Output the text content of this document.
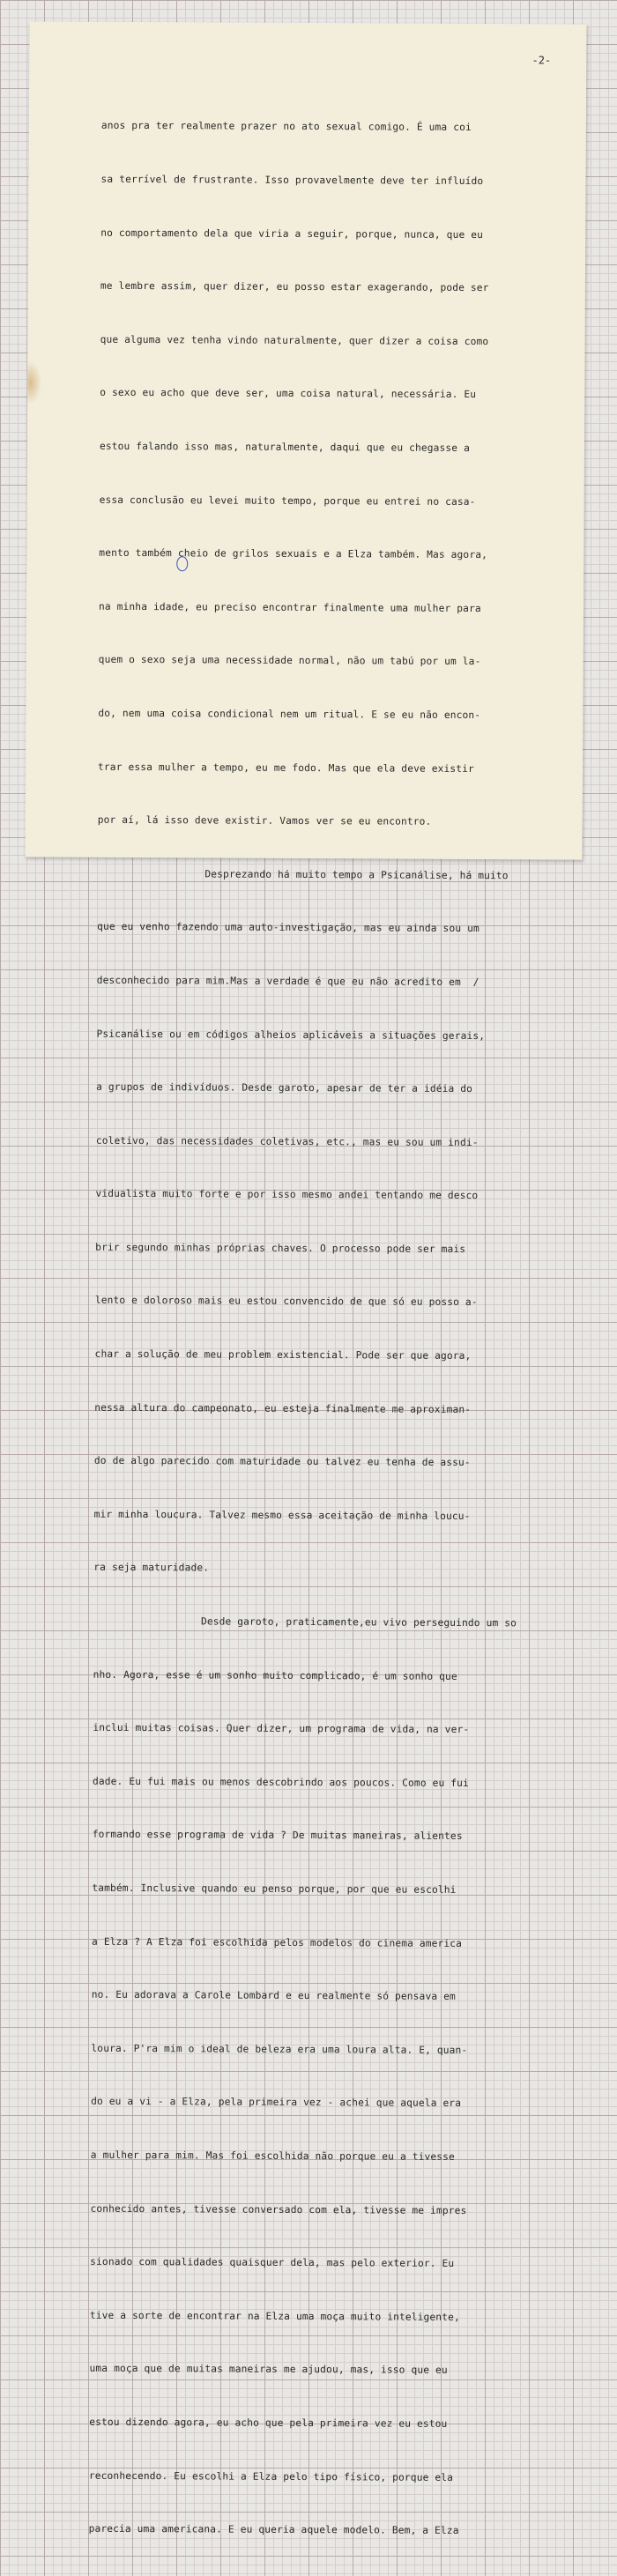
-2-

anos pra ter realmente prazer no ato sexual comigo. É uma coi

sa terrível de frustrante. Isso provavelmente deve ter influído

no comportamento dela que viria a seguir, porque, nunca, que eu

me lembre assim, quer dizer, eu posso estar exagerando, pode ser

que alguma vez tenha vindo naturalmente, quer dizer a coisa como

o sexo eu acho que deve ser, uma coisa natural, necessária. Eu

estou falando isso mas, naturalmente, daqui que eu chegasse a

essa conclusão eu levei muito tempo, porque eu entrei no casa-

mento também cheio de grilos sexuais e a Elza também. Mas agora,

na minha idade, eu preciso encontrar finalmente uma mulher para

quem o sexo seja uma necessidade normal, não um tabú por um la-

do, nem uma coisa condicional nem um ritual. E se eu não encon-

trar essa mulher a tempo, eu me fodo. Mas que ela deve existir

por aí, lá isso deve existir. Vamos ver se eu encontro.

Desprezando há muito tempo a Psicanálise, há muito

que eu venho fazendo uma auto-investigação, mas eu ainda sou um

desconhecido para mim.Mas a verdade é que eu não acredito em  /

Psicanálise ou em códigos alheios aplicáveis a situações gerais,

a grupos de indivíduos. Desde garoto, apesar de ter a idéia do

coletivo, das necessidades coletivas, etc., mas eu sou um indi-

vidualista muito forte e por isso mesmo andei tentando me desco

brir segundo minhas próprias chaves. O processo pode ser mais

lento e doloroso mais eu estou convencido de que só eu posso a-

char a solução de meu problem existencial. Pode ser que agora,

nessa altura do campeonato, eu esteja finalmente me aproximan-

do de algo parecido com maturidade ou talvez eu tenha de assu-

mir minha loucura. Talvez mesmo essa aceitação de minha loucu-

ra seja maturidade.

Desde garoto, praticamente,eu vivo perseguindo um so

nho. Agora, esse é um sonho muito complicado, é um sonho que

inclui muitas coisas. Quer dizer, um programa de vida, na ver-

dade. Eu fui mais ou menos descobrindo aos poucos. Como eu fui

formando esse programa de vida ? De muitas maneiras, alientes

também. Inclusive quando eu penso porque, por que eu escolhi

a Elza ? A Elza foi escolhida pelos modelos do cinema america

no. Eu adorava a Carole Lombard e eu realmente só pensava em

loura. P'ra mim o ideal de beleza era uma loura alta. E, quan-

do eu a vi - a Elza, pela primeira vez - achei que aquela era

a mulher para mim. Mas foi escolhida não porque eu a tivesse

conhecido antes, tivesse conversado com ela, tivesse me impres

sionado com qualidades quaisquer dela, mas pelo exterior. Eu

tive a sorte de encontrar na Elza uma moça muito inteligente,

uma moça que de muitas maneiras me ajudou, mas, isso que eu

estou dizendo agora, eu acho que pela primeira vez eu estou

reconhecendo. Eu escolhi a Elza pelo tipo físico, porque ela

parecia uma americana. E eu queria aquele modelo. Bem, a Elza
